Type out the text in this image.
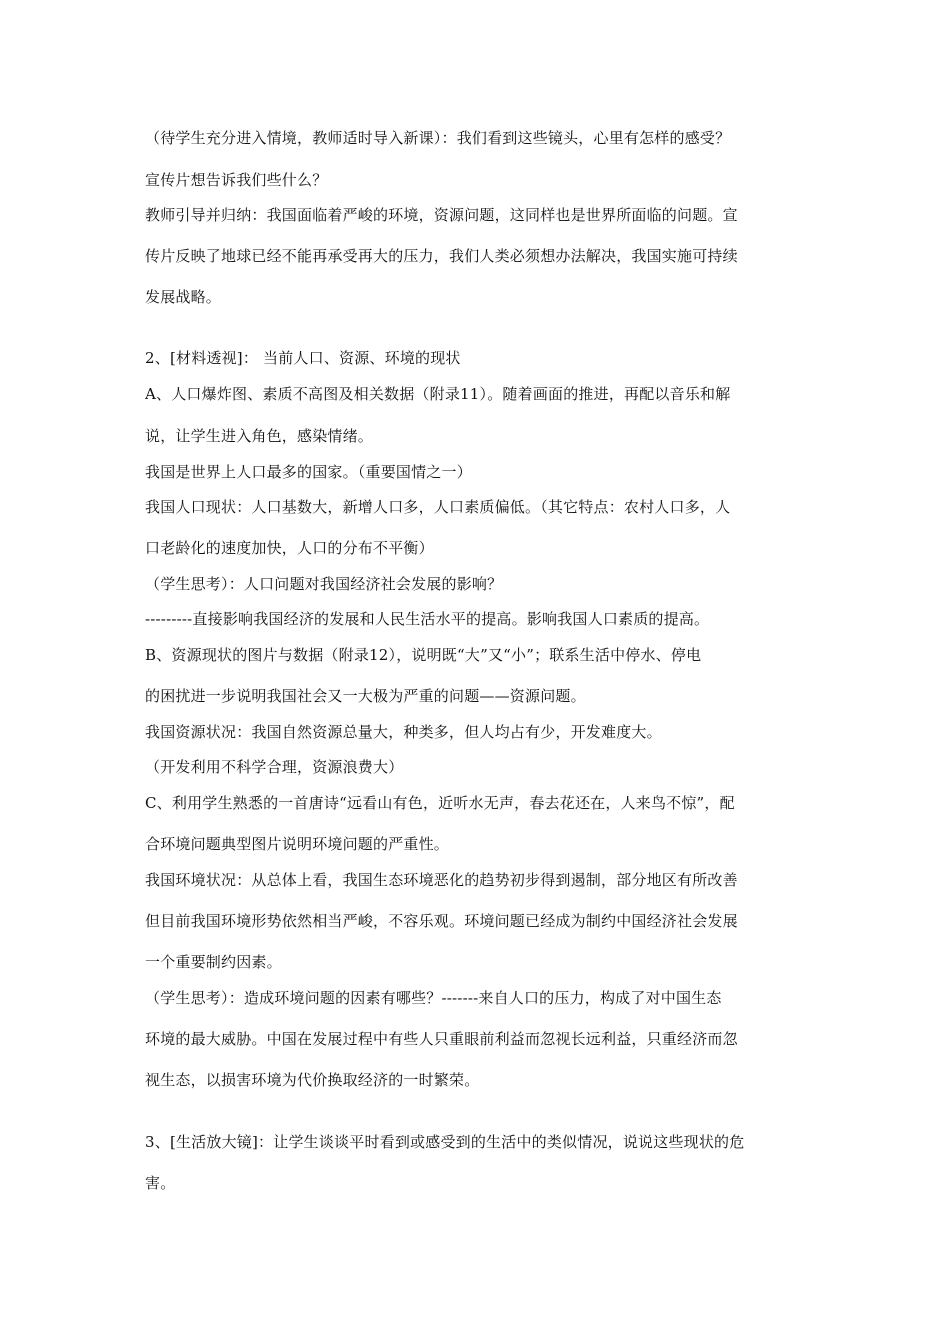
（待学生充分进入情境，教师适时导入新课）：我们看到这些镜头，心里有怎样的感受？
宣传片想告诉我们些什么？
教师引导并归纳：我国面临着严峻的环境，资源问题，这同样也是世界所面临的问题。宣
传片反映了地球已经不能再承受再大的压力，我们人类必须想办法解决，我国实施可持续
发展战略。
2、[材料透视]： 当前人口、资源、环境的现状
A、人口爆炸图、素质不高图及相关数据（附录11）。随着画面的推进，再配以音乐和解
说，让学生进入角色，感染情绪。
我国是世界上人口最多的国家。（重要国情之一）
我国人口现状：人口基数大，新增人口多，人口素质偏低。（其它特点：农村人口多，人
口老龄化的速度加快，人口的分布不平衡）
（学生思考）：人口问题对我国经济社会发展的影响？
---------直接影响我国经济的发展和人民生活水平的提高。影响我国人口素质的提高。
B、资源现状的图片与数据（附录12），说明既“大”又“小”；联系生活中停水、停电
的困扰进一步说明我国社会又一大极为严重的问题——资源问题。
我国资源状况：我国自然资源总量大，种类多，但人均占有少，开发难度大。
（开发利用不科学合理，资源浪费大）
C、利用学生熟悉的一首唐诗“远看山有色，近听水无声，春去花还在，人来鸟不惊”，配
合环境问题典型图片说明环境问题的严重性。
我国环境状况：从总体上看，我国生态环境恶化的趋势初步得到遏制，部分地区有所改善
但目前我国环境形势依然相当严峻，不容乐观。环境问题已经成为制约中国经济社会发展
一个重要制约因素。
（学生思考）：造成环境问题的因素有哪些？-------来自人口的压力，构成了对中国生态
环境的最大威胁。中国在发展过程中有些人只重眼前利益而忽视长远利益，只重经济而忽
视生态，以损害环境为代价换取经济的一时繁荣。
3、[生活放大镜]：让学生谈谈平时看到或感受到的生活中的类似情况，说说这些现状的危
害。
